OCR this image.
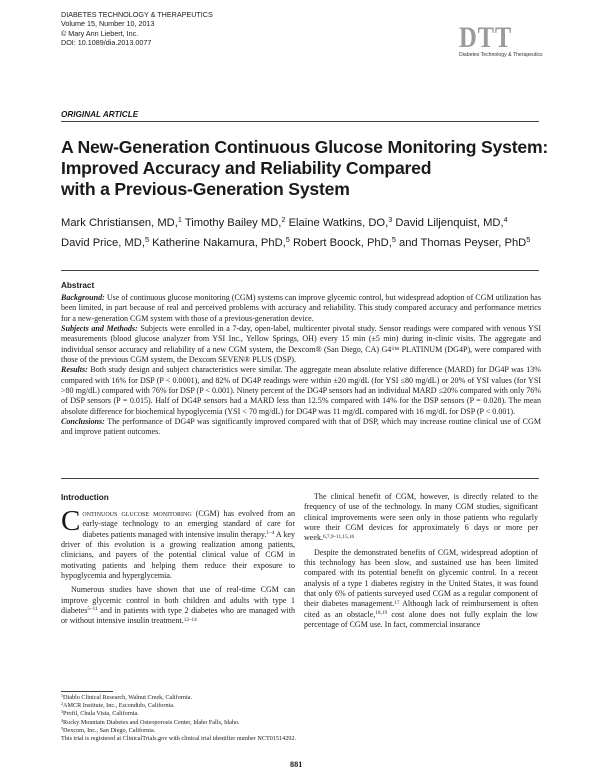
DIABETES TECHNOLOGY & THERAPEUTICS
Volume 15, Number 10, 2013
© Mary Ann Liebert, Inc.
DOI: 10.1089/dia.2013.0077	DTT
Diabetes Technology & Therapeutics
ORIGINAL ARTICLE
A New-Generation Continuous Glucose Monitoring System:
Improved Accuracy and Reliability Compared
with a Previous-Generation System
Mark Christiansen, MD,$^1$ Timothy Bailey MD,$^2$ Elaine Watkins, DO,$^3$ David Liljenquist, MD,$^4$
David Price, MD,$^5$ Katherine Nakamura, PhD,$^5$ Robert Boock, PhD,$^5$ and Thomas Peyser, PhD$^5$
Abstract

Background: Use of continuous glucose monitoring (CGM) systems can improve glycemic control, but widespread adoption of CGM utilization has been limited, in part because of real and perceived problems with accuracy and reliability. This study compared accuracy and performance metrics for a new-generation CGM system with those of a previous-generation device.

Subjects and Methods: Subjects were enrolled in a 7-day, open-label, multicenter pivotal study. Sensor readings were compared with venous YSI measurements (blood glucose analyzer from YSI Inc., Yellow Springs, OH) every 15 min (±5 min) during in-clinic visits. The aggregate and individual sensor accuracy and reliability of a new CGM system, the Dexcom® (San Diego, CA) G4™ PLATINUM (DG4P), were compared with those of the previous CGM system, the Dexcom SEVEN® PLUS (DSP).

Results: Both study design and subject characteristics were similar. The aggregate mean absolute relative difference (MARD) for DG4P was 13% compared with 16% for DSP (P < 0.0001), and 82% of DG4P readings were within ±20 mg/dL (for YSI ≤80 mg/dL) or 20% of YSI values (for YSI >80 mg/dL) compared with 76% for DSP (P < 0.001). Ninety percent of the DG4P sensors had an individual MARD ≤20% compared with only 76% of DSP sensors (P = 0.015). Half of DG4P sensors had a MARD less than 12.5% compared with 14% for the DSP sensors (P = 0.028). The mean absolute difference for biochemical hypoglycemia (YSI < 70 mg/dL) for DG4P was 11 mg/dL compared with 16 mg/dL for DSP (P < 0.001).

Conclusions: The performance of DG4P was significantly improved compared with that of DSP, which may increase routine clinical use of CGM and improve patient outcomes.

Introduction

Continuous glucose monitoring (CGM) has evolved from an early-stage technology to an emerging standard of care for diabetes patients managed with intensive insulin therapy.$^{1-4}$ A key driver of this evolution is a growing realization among patients, clinicians, and payers of the potential clinical value of CGM in motivating patients and helping them reduce their exposure to hypoglycemia and hyperglycemia.

Numerous studies have shown that use of real-time CGM can improve glycemic control in both children and adults with type 1 diabetes$^{5-11}$ and in patients with type 2 diabetes who are managed with or without intensive insulin treatment.$^{12-14}$

The clinical benefit of CGM, however, is directly related to the frequency of use of the technology. In many CGM studies, significant clinical improvements were seen only in those patients who regularly wore their CGM devices for approximately 6 days or more per week.$^{6,7,9-11,15,16}$

Despite the demonstrated benefits of CGM, widespread adoption of this technology has been slow, and sustained use has been limited compared with its potential benefit on glycemic control. In a recent analysis of a type 1 diabetes registry in the United States, it was found that only 6% of patients surveyed used CGM as a regular component of their diabetes management.$^{17}$ Although lack of reimbursement is often cited as an obstacle,$^{18,19}$ cost alone does not fully explain the low percentage of CGM use. In fact, commercial insurance

$^1$Diablo Clinical Research, Walnut Creek, California.
$^2$AMCR Institute, Inc., Escondido, California.
$^3$Profil, Chula Vista, California.
$^4$Rocky Mountain Diabetes and Osteoporosis Center, Idaho Falls, Idaho.
$^5$Dexcom, Inc., San Diego, California.
This trial is registered at ClinicalTrials.gov with clinical trial identifier number NCT01514292.
881
